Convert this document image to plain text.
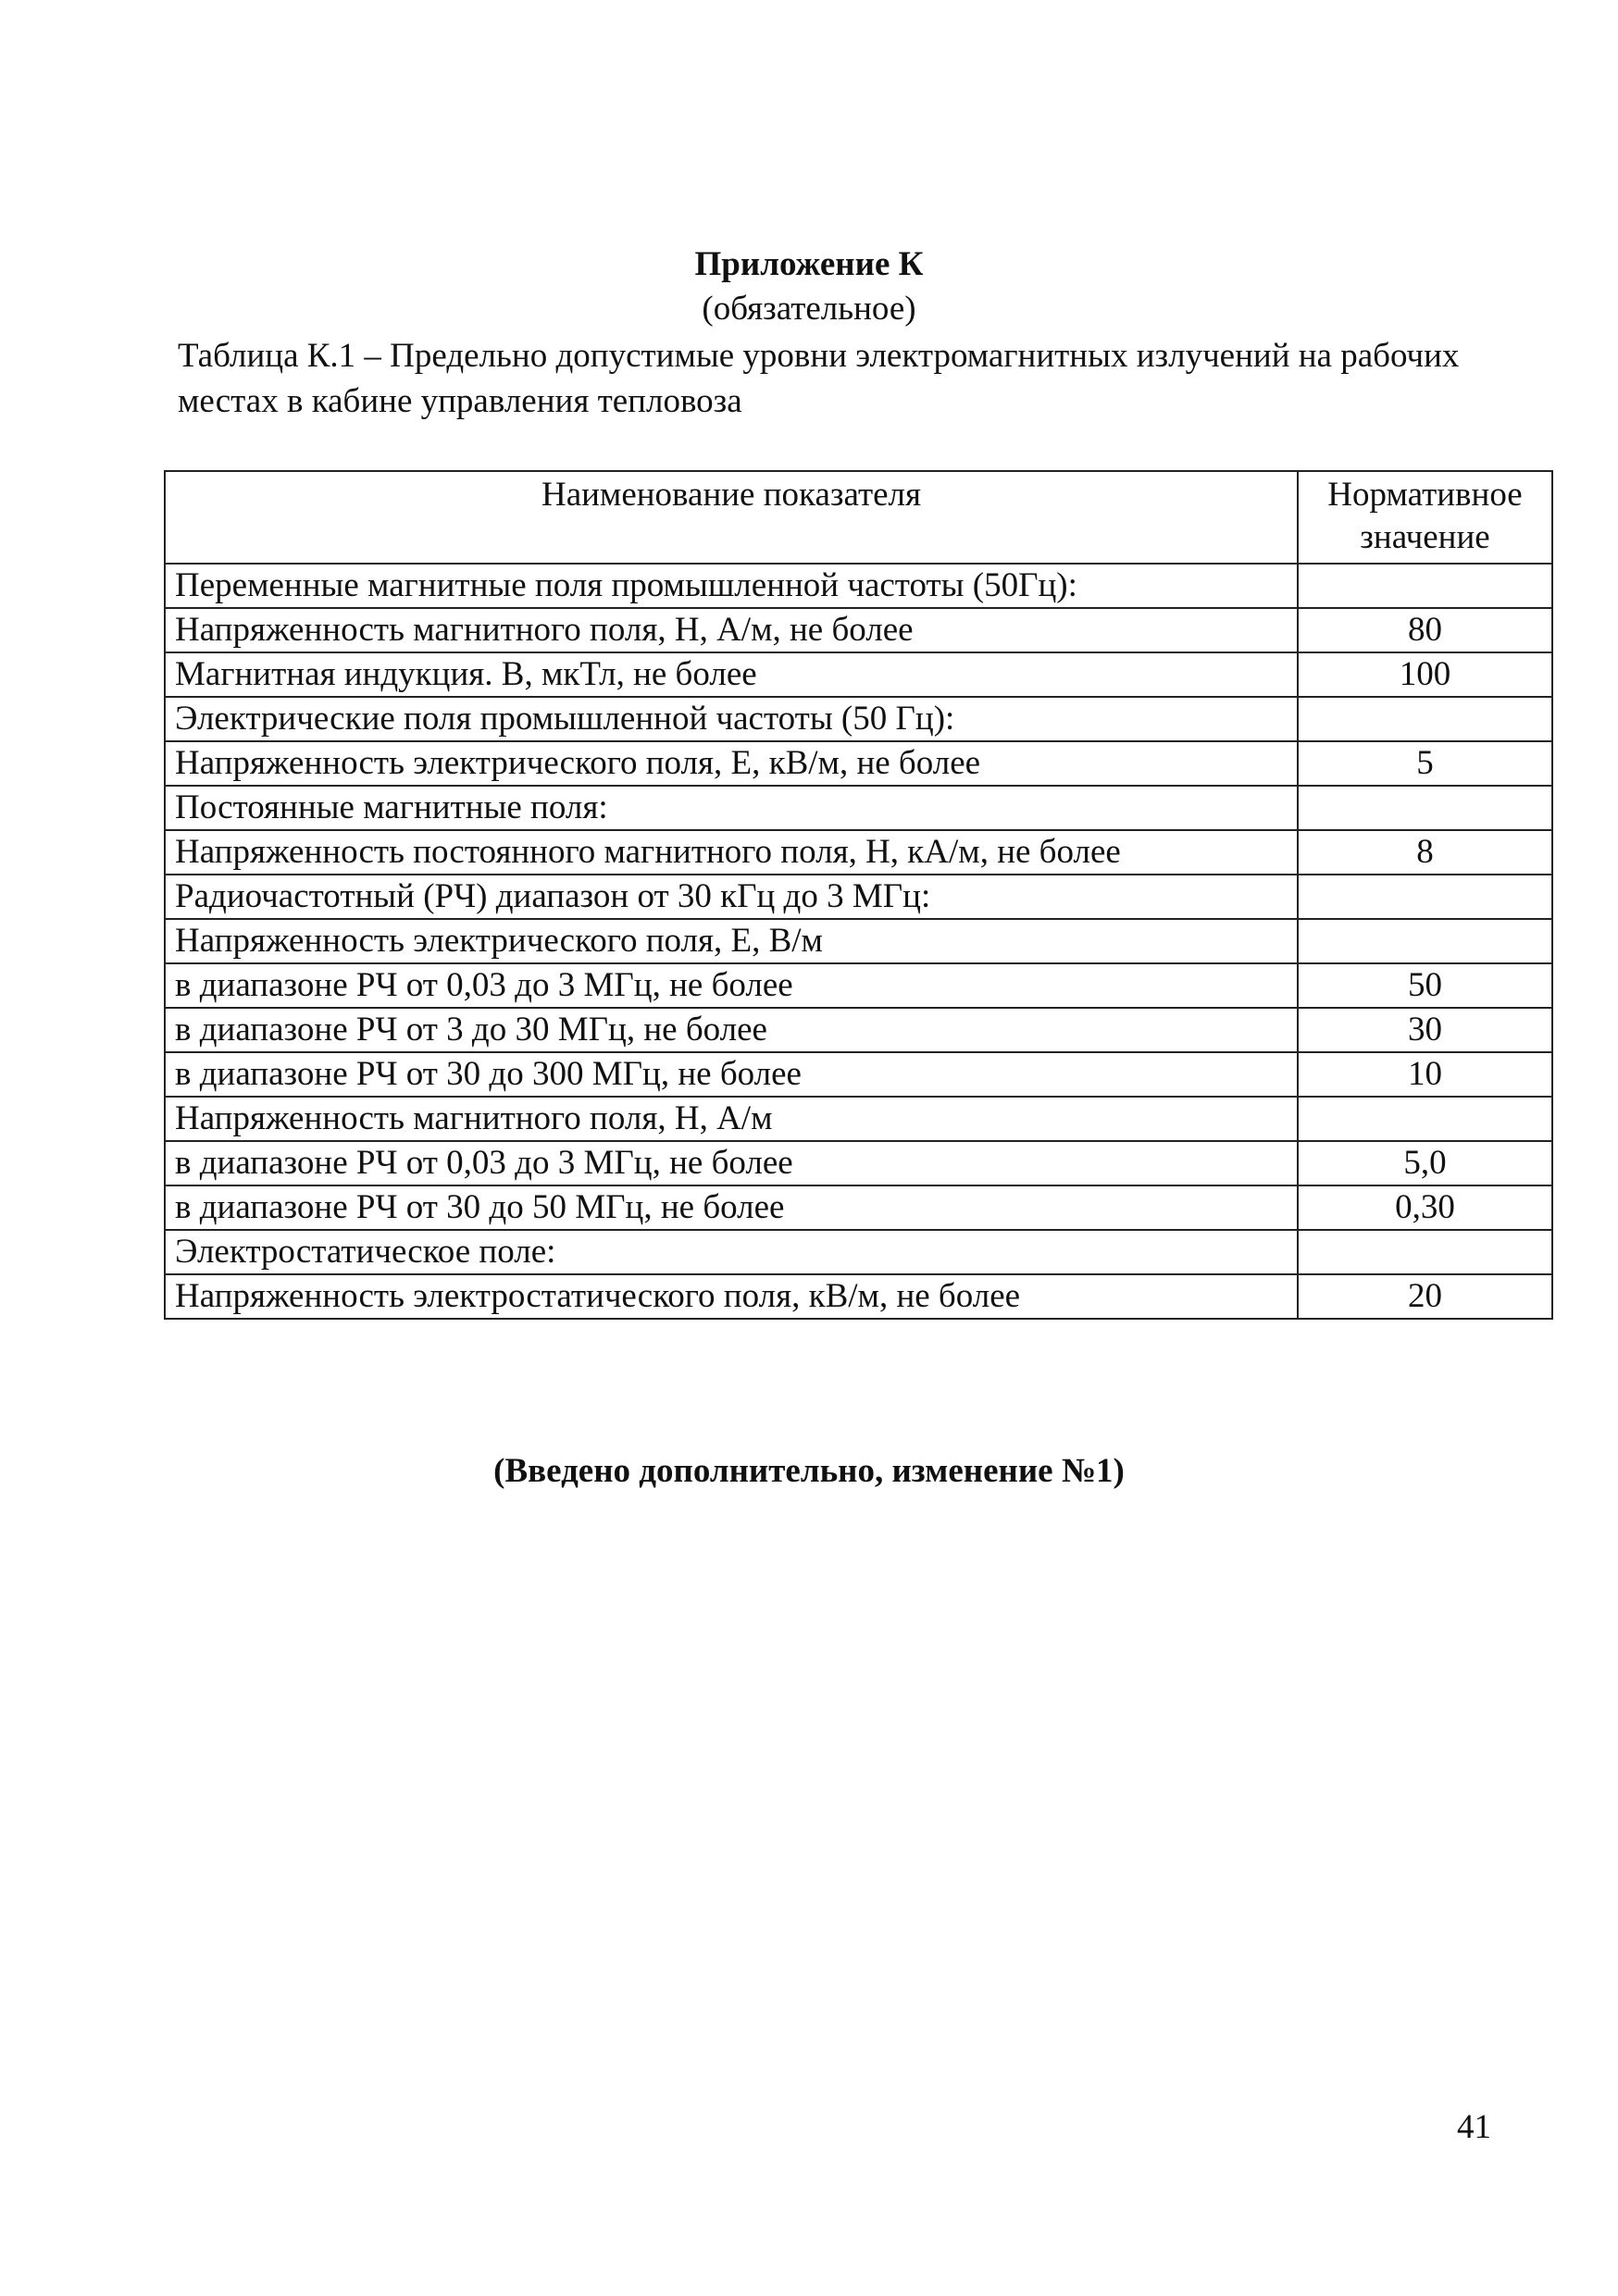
Приложение К
(обязательное)
Таблица К.1 – Предельно допустимые уровни электромагнитных излучений на рабочих местах в кабине управления тепловоза
Наименование показателя	Нормативное значение
Переменные магнитные поля промышленной частоты (50Гц):	
Напряженность магнитного поля, Н, А/м, не более	80
Магнитная индукция. В, мкТл, не более	100
Электрические поля промышленной частоты (50 Гц):	
Напряженность электрического поля, Е, кВ/м, не более	5
Постоянные магнитные поля:	
Напряженность постоянного магнитного поля, Н, кА/м, не более	8
Радиочастотный (РЧ) диапазон от 30 кГц до 3 МГц:	
Напряженность электрического поля, Е, В/м	
в диапазоне РЧ от 0,03 до 3 МГц, не более	50
в диапазоне РЧ от 3 до 30 МГц, не более	30
в диапазоне РЧ от 30 до 300 МГц, не более	10
Напряженность магнитного поля, Н, А/м	
в диапазоне РЧ от 0,03 до 3 МГц, не более	5,0
в диапазоне РЧ от 30 до 50 МГц, не более	0,30
Электростатическое поле:	
Напряженность электростатического поля, кВ/м, не более	20
(Введено дополнительно, изменение №1)
41
